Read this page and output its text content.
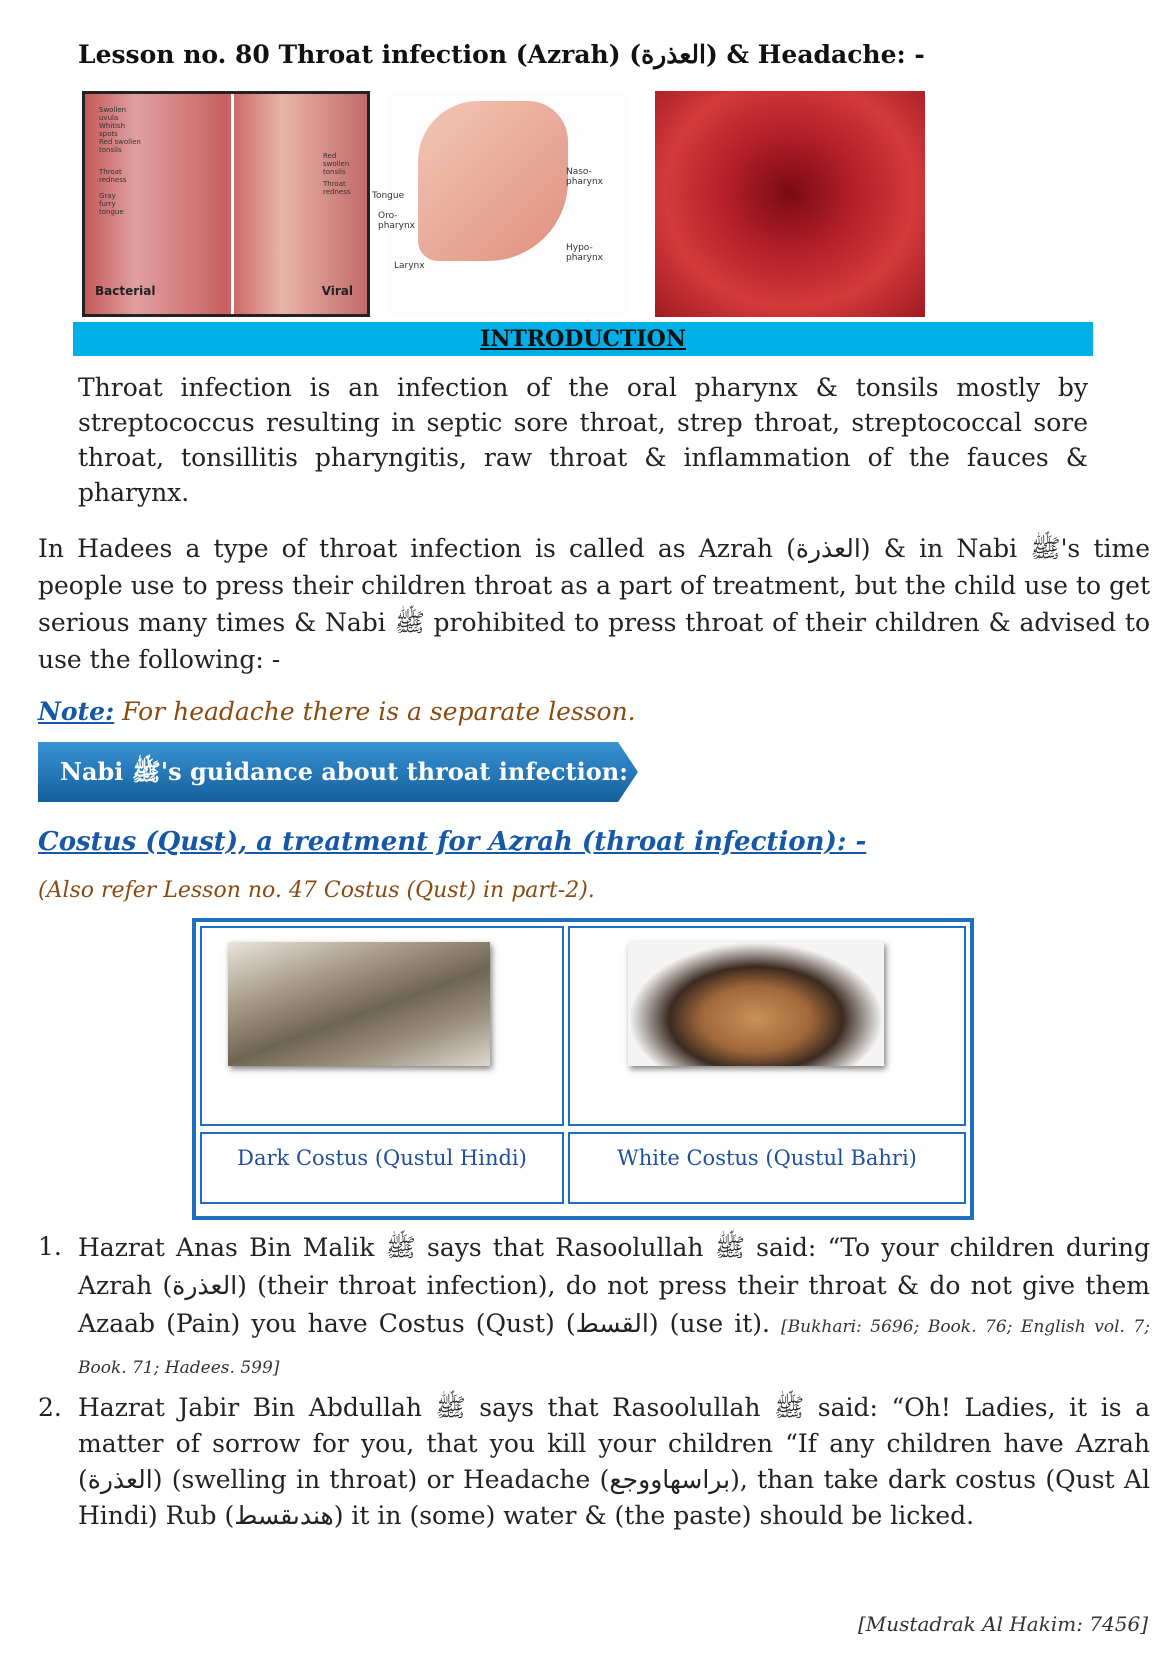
Lesson no. 80 Throat infection (Azrah) (العذرة) & Headache: -
Swollen
uvula
Whitish
spots
Red swollen
tonsils
Throat
redness
Gray
furry
tongue
Red
swollen
tonsils
Throat
redness
Bacterial	Viral
Tongue
Oro-
pharynx
Larynx
Naso-
pharynx
Hypo-
pharynx
INTRODUCTION
Throat infection is an infection of the oral pharynx & tonsils mostly by streptococcus resulting in septic sore throat, strep throat, streptococcal sore throat, tonsillitis pharyngitis, raw throat & inflammation of the fauces & pharynx.
In Hadees a type of throat infection is called as Azrah (العذرة) & in Nabi ﷺ's time people use to press their children throat as a part of treatment, but the child use to get serious many times & Nabi ﷺ prohibited to press throat of their children & advised to use the following: -
Note: For headache there is a separate lesson.
Nabi ﷺ's guidance about throat infection: -
Costus (Qust), a treatment for Azrah (throat infection): -
(Also refer Lesson no. 47 Costus (Qust) in part-2).
Dark Costus (Qustul Hindi)	White Costus (Qustul Bahri)
1. Hazrat Anas Bin Malik ﷺ says that Rasoolullah ﷺ said: “To your children during Azrah (العذرة) (their throat infection), do not press their throat & do not give them Azaab (Pain) you have Costus (Qust) (القسط) (use it). [Bukhari: 5696; Book. 76; English vol. 7; Book. 71; Hadees. 599]
2. Hazrat Jabir Bin Abdullah ﷺ says that Rasoolullah ﷺ said: “Oh! Ladies, it is a matter of sorrow for you, that you kill your children “If any children have Azrah (العذرة) (swelling in throat) or Headache (براسهاووجع), than take dark costus (Qust Al Hindi) Rub (هندىقسط) it in (some) water & (the paste) should be licked.
[Mustadrak Al Hakim: 7456]
